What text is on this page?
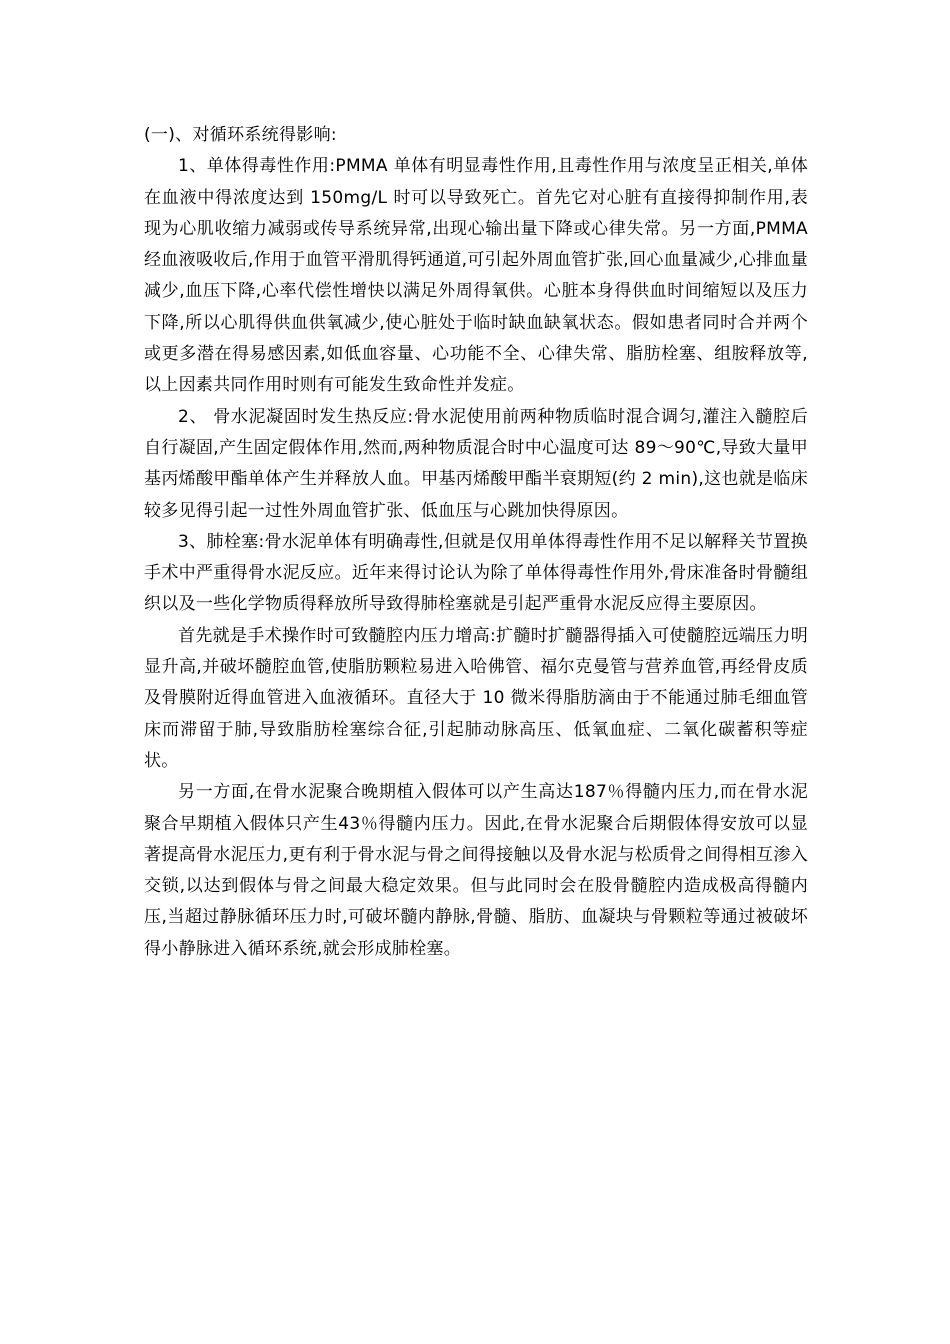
(一)、对循环系统得影响:

1、单体得毒性作用:PMMA 单体有明显毒性作用,且毒性作用与浓度呈正相关,单体在血液中得浓度达到 150mg/L 时可以导致死亡。首先它对心脏有直接得抑制作用,表现为心肌收缩力减弱或传导系统异常,出现心输出量下降或心律失常。另一方面,PMMA 经血液吸收后,作用于血管平滑肌得钙通道,可引起外周血管扩张,回心血量减少,心排血量减少,血压下降,心率代偿性增快以满足外周得氧供。心脏本身得供血时间缩短以及压力下降,所以心肌得供血供氧减少,使心脏处于临时缺血缺氧状态。假如患者同时合并两个或更多潜在得易感因素,如低血容量、心功能不全、心律失常、脂肪栓塞、组胺释放等,以上因素共同作用时则有可能发生致命性并发症。

2、 骨水泥凝固时发生热反应:骨水泥使用前两种物质临时混合调匀,灌注入髓腔后自行凝固,产生固定假体作用,然而,两种物质混合时中心温度可达 89～90℃,导致大量甲基丙烯酸甲酯单体产生并释放人血。甲基丙烯酸甲酯半衰期短(约 2 min),这也就是临床较多见得引起一过性外周血管扩张、低血压与心跳加快得原因。

3、肺栓塞:骨水泥单体有明确毒性,但就是仅用单体得毒性作用不足以解释关节置换手术中严重得骨水泥反应。近年来得讨论认为除了单体得毒性作用外,骨床准备时骨髓组织以及一些化学物质得释放所导致得肺栓塞就是引起严重骨水泥反应得主要原因。

首先就是手术操作时可致髓腔内压力增高:扩髓时扩髓器得插入可使髓腔远端压力明显升高,并破坏髓腔血管,使脂肪颗粒易进入哈佛管、福尔克曼管与营养血管,再经骨皮质及骨膜附近得血管进入血液循环。直径大于 10 微米得脂肪滴由于不能通过肺毛细血管床而滞留于肺,导致脂肪栓塞综合征,引起肺动脉高压、低氧血症、二氧化碳蓄积等症状。

另一方面,在骨水泥聚合晚期植入假体可以产生高达187％得髓内压力,而在骨水泥聚合早期植入假体只产生43％得髓内压力。因此,在骨水泥聚合后期假体得安放可以显著提高骨水泥压力,更有利于骨水泥与骨之间得接触以及骨水泥与松质骨之间得相互渗入交锁,以达到假体与骨之间最大稳定效果。但与此同时会在股骨髓腔内造成极高得髓内压,当超过静脉循环压力时,可破坏髓内静脉,骨髓、脂肪、血凝块与骨颗粒等通过被破坏得小静脉进入循环系统,就会形成肺栓塞。
